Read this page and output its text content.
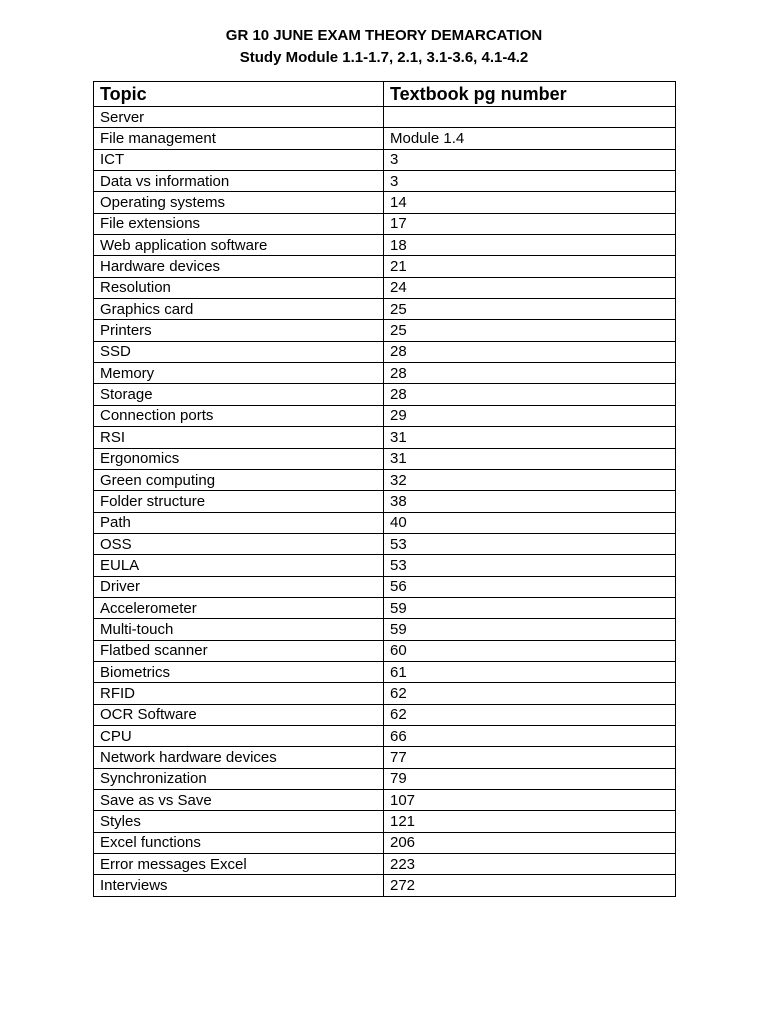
GR 10 JUNE EXAM THEORY DEMARCATION
Study Module 1.1-1.7, 2.1, 3.1-3.6, 4.1-4.2
Topic	Textbook pg number
Server	
File management	Module 1.4
ICT	3
Data vs information	3
Operating systems	14
File extensions	17
Web application software	18
Hardware devices	21
Resolution	24
Graphics card	25
Printers	25
SSD	28
Memory	28
Storage	28
Connection ports	29
RSI	31
Ergonomics	31
Green computing	32
Folder structure	38
Path	40
OSS	53
EULA	53
Driver	56
Accelerometer	59
Multi-touch	59
Flatbed scanner	60
Biometrics	61
RFID	62
OCR Software	62
CPU	66
Network hardware devices	77
Synchronization	79
Save as vs Save	107
Styles	121
Excel functions	206
Error messages Excel	223
Interviews	272
